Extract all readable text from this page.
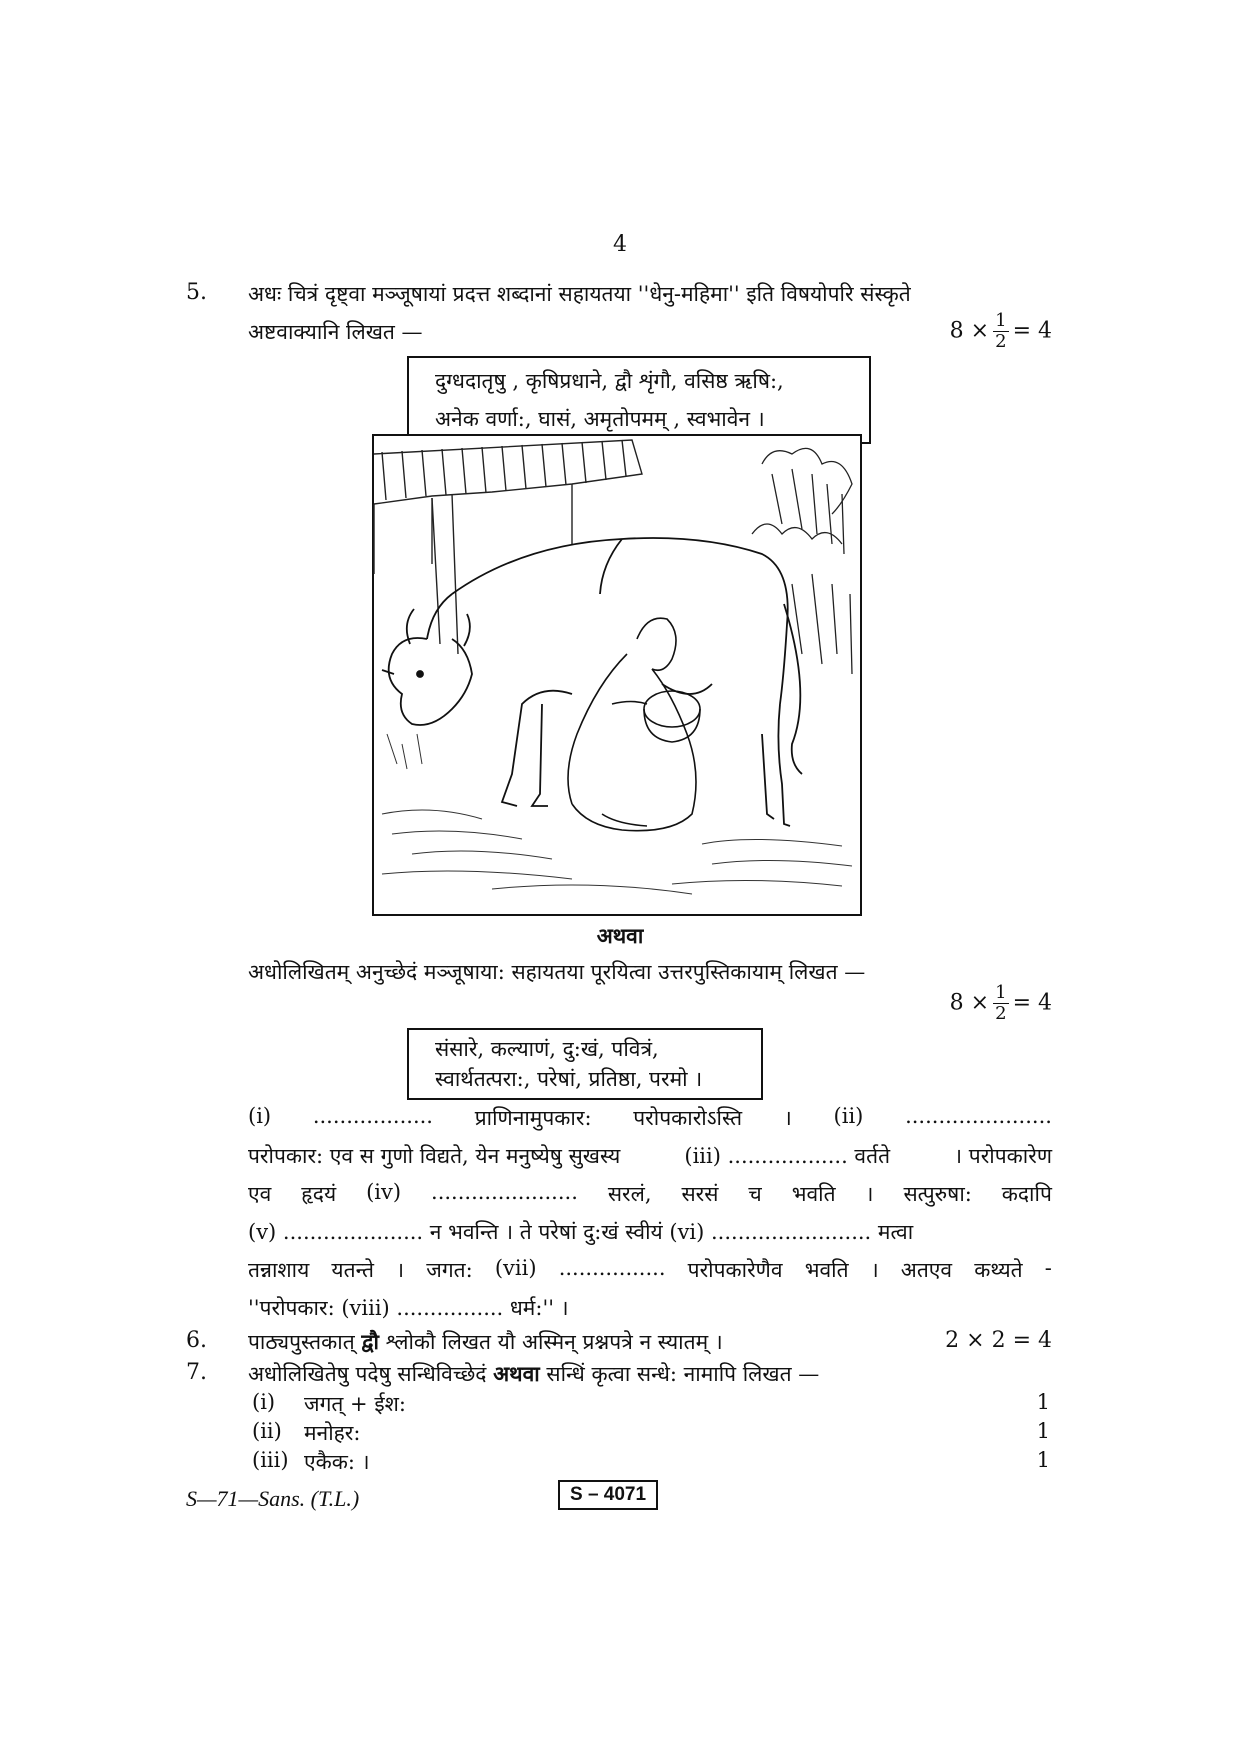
4
5. अधः चित्रं दृष्ट्वा मञ्जूषायां प्रदत्त शब्दानां सहायतया ''धेनु-महिमा'' इति विषयोपरि संस्कृते
अष्टवाक्यानि लिखत —	$8 \times \frac{1}{2} = 4$
दुग्धदातृषु , कृषिप्रधाने, द्वौ शृंगौ, वसिष्ठ ऋषि:,
अनेक वर्णा:, घासं, अमृतोपमम् , स्वभावेन ।
अथवा
अधोलिखितम् अनुच्छेदं मञ्जूषाया: सहायतया पूरयित्वा उत्तरपुस्तिकायाम् लिखत —
$8 \times \frac{1}{2} = 4$
संसारे, कल्याणं, दु:खं, पवित्रं,
स्वार्थतत्परा:, परेषां, प्रतिष्ठा, परमो ।
(i) .................. प्राणिनामुपकार: परोपकारोऽस्ति । (ii) ......................
परोपकार: एव स गुणो विद्यते, येन मनुष्येषु सुखस्य	(iii) .................. वर्तते	। परोपकारेण
एव हृदयं (iv) ...................... सरलं, सरसं च भवति । सत्पुरुषा: कदापि
(v) ..................... न भवन्ति । ते परेषां दु:खं स्वीयं (vi) ........................ मत्वा
तन्नाशाय यतन्ते । जगत: (vii) ................ परोपकारेणैव भवति । अतएव कथ्यते -
''परोपकार: (viii) ................ धर्म:'' ।
6. पाठ्यपुस्तकात् द्वौ श्लोकौ लिखत यौ अस्मिन् प्रश्नपत्रे न स्यातम् ।	2 × 2 = 4
7. अधोलिखितेषु पदेषु सन्धिविच्छेदं अथवा सन्धिं कृत्वा सन्धे: नामापि लिखत —
(i)	जगत् + ईश:	1
(ii) मनोहर:	1
(iii) एकैक: ।	1
S—71—Sans. (T.L.)	S – 4071
